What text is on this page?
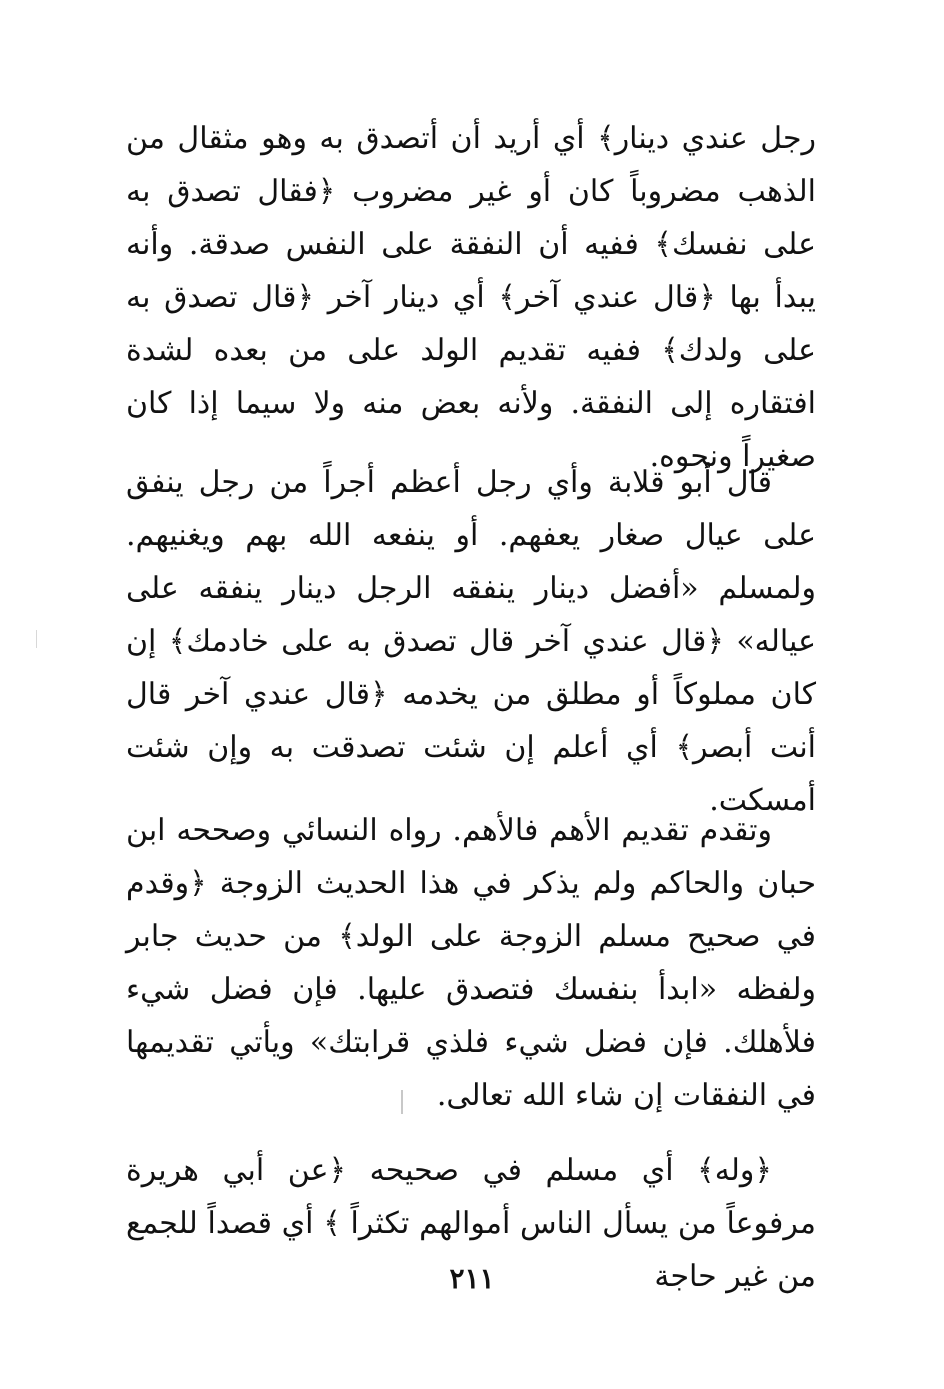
رجل عندي دينار﴾ أي أريد أن أتصدق به وهو مثقال من الذهب مضروباً كان أو غير مضروب ﴿فقال تصدق به على نفسك﴾ ففيه أن النفقة على النفس صدقة. وأنه يبدأ بها ﴿قال عندي آخر﴾ أي دينار آخر ﴿قال تصدق به على ولدك﴾ ففيه تقديم الولد على من بعده لشدة افتقاره إلى النفقة. ولأنه بعض منه ولا سيما إذا كان صغيراً ونحوه.

قال أبو قلابة وأي رجل أعظم أجراً من رجل ينفق على عيال صغار يعفهم. أو ينفعه الله بهم ويغنيهم. ولمسلم «أفضل دينار ينفقه الرجل دينار ينفقه على عياله» ﴿قال عندي آخر قال تصدق به على خادمك﴾ إن كان مملوكاً أو مطلق من يخدمه ﴿قال عندي آخر قال أنت أبصر﴾ أي أعلم إن شئت تصدقت به وإن شئت أمسكت.

وتقدم تقديم الأهم فالأهم. رواه النسائي وصححه ابن حبان والحاكم ولم يذكر في هذا الحديث الزوجة ﴿وقدم في صحيح مسلم الزوجة على الولد﴾ من حديث جابر ولفظه «ابدأ بنفسك فتصدق عليها. فإن فضل شيء فلأهلك. فإن فضل شيء فلذي قرابتك» ويأتي تقديمها في النفقات إن شاء الله تعالى.

﴿وله﴾ أي مسلم في صحيحه ﴿عن أبي هريرة مرفوعاً من يسأل الناس أموالهم تكثراً ﴾ أي قصداً للجمع من غير حاجة

٢١١
